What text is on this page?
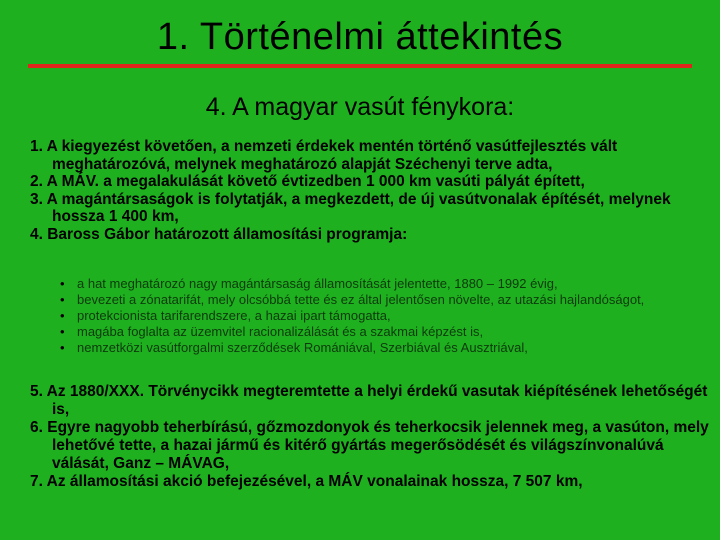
1. Történelmi áttekintés
4. A magyar vasút fénykora:
1. A kiegyezést követően, a nemzeti érdekek mentén történő vasútfejlesztés vált meghatározóvá, melynek meghatározó alapját Széchenyi terve adta,
2. A MÁV. a megalakulását követő évtizedben 1 000 km vasúti pályát épített,
3. A magántársaságok is folytatják, a megkezdett, de új vasútvonalak építését, melynek hossza 1 400 km,
4. Baross Gábor határozott államosítási programja:
• a hat meghatározó nagy magántársaság államosítását jelentette, 1880 – 1992 évig,
• bevezeti a zónatarifát, mely olcsóbbá tette és ez által jelentősen növelte, az utazási hajlandóságot,
• protekcionista tarifarendszere, a hazai ipart támogatta,
• magába foglalta az üzemvitel racionalizálását és a szakmai képzést is,
• nemzetközi vasútforgalmi szerződések Romániával, Szerbiával és Ausztriával,
5. Az 1880/XXX. Törvénycikk megteremtette a helyi érdekű vasutak kiépítésének lehetőségét is,
6. Egyre nagyobb teherbírású, gőzmozdonyok és teherkocsik jelennek meg, a vasúton, mely lehetővé tette, a hazai jármű és kitérő gyártás megerősödését és világszínvonalúvá válását, Ganz – MÁVAG,
7. Az államosítási akció befejezésével, a MÁV vonalainak hossza, 7 507 km,
